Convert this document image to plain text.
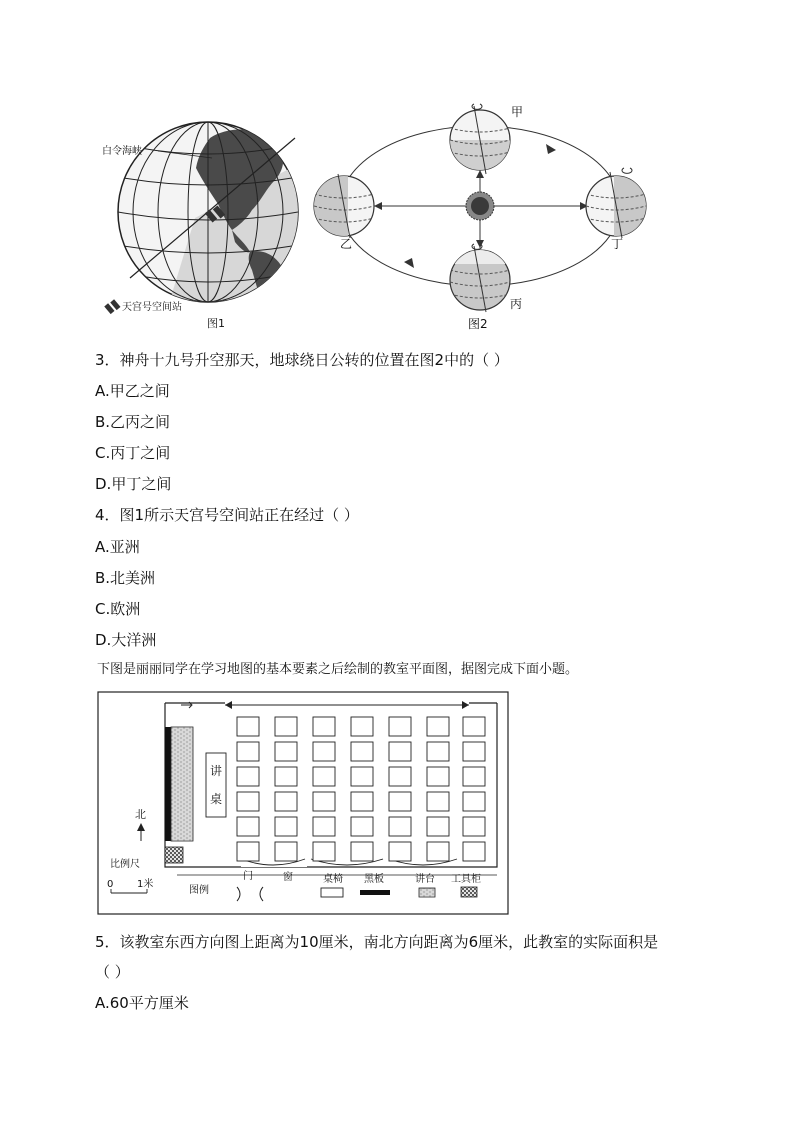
白令海峡
天宫号空间站
图1
甲
乙
丙
丁
图2
3．神舟十九号升空那天，地球绕日公转的位置在图2中的（ ）
A.甲乙之间
B.乙丙之间
C.丙丁之间
D.甲丁之间
4．图1所示天宫号空间站正在经过（ ）
A.亚洲
B.北美洲
C.欧洲
D.大洋洲
下图是丽丽同学在学习地图的基本要素之后绘制的教室平面图，据图完成下面小题。
讲
桌
北
比例尺
0 1米
图例
门	窗	桌椅 黑板	讲台 工具柜
5．该教室东西方向图上距离为10厘米，南北方向距离为6厘米，此教室的实际面积是
（ ）
A.60平方厘米
